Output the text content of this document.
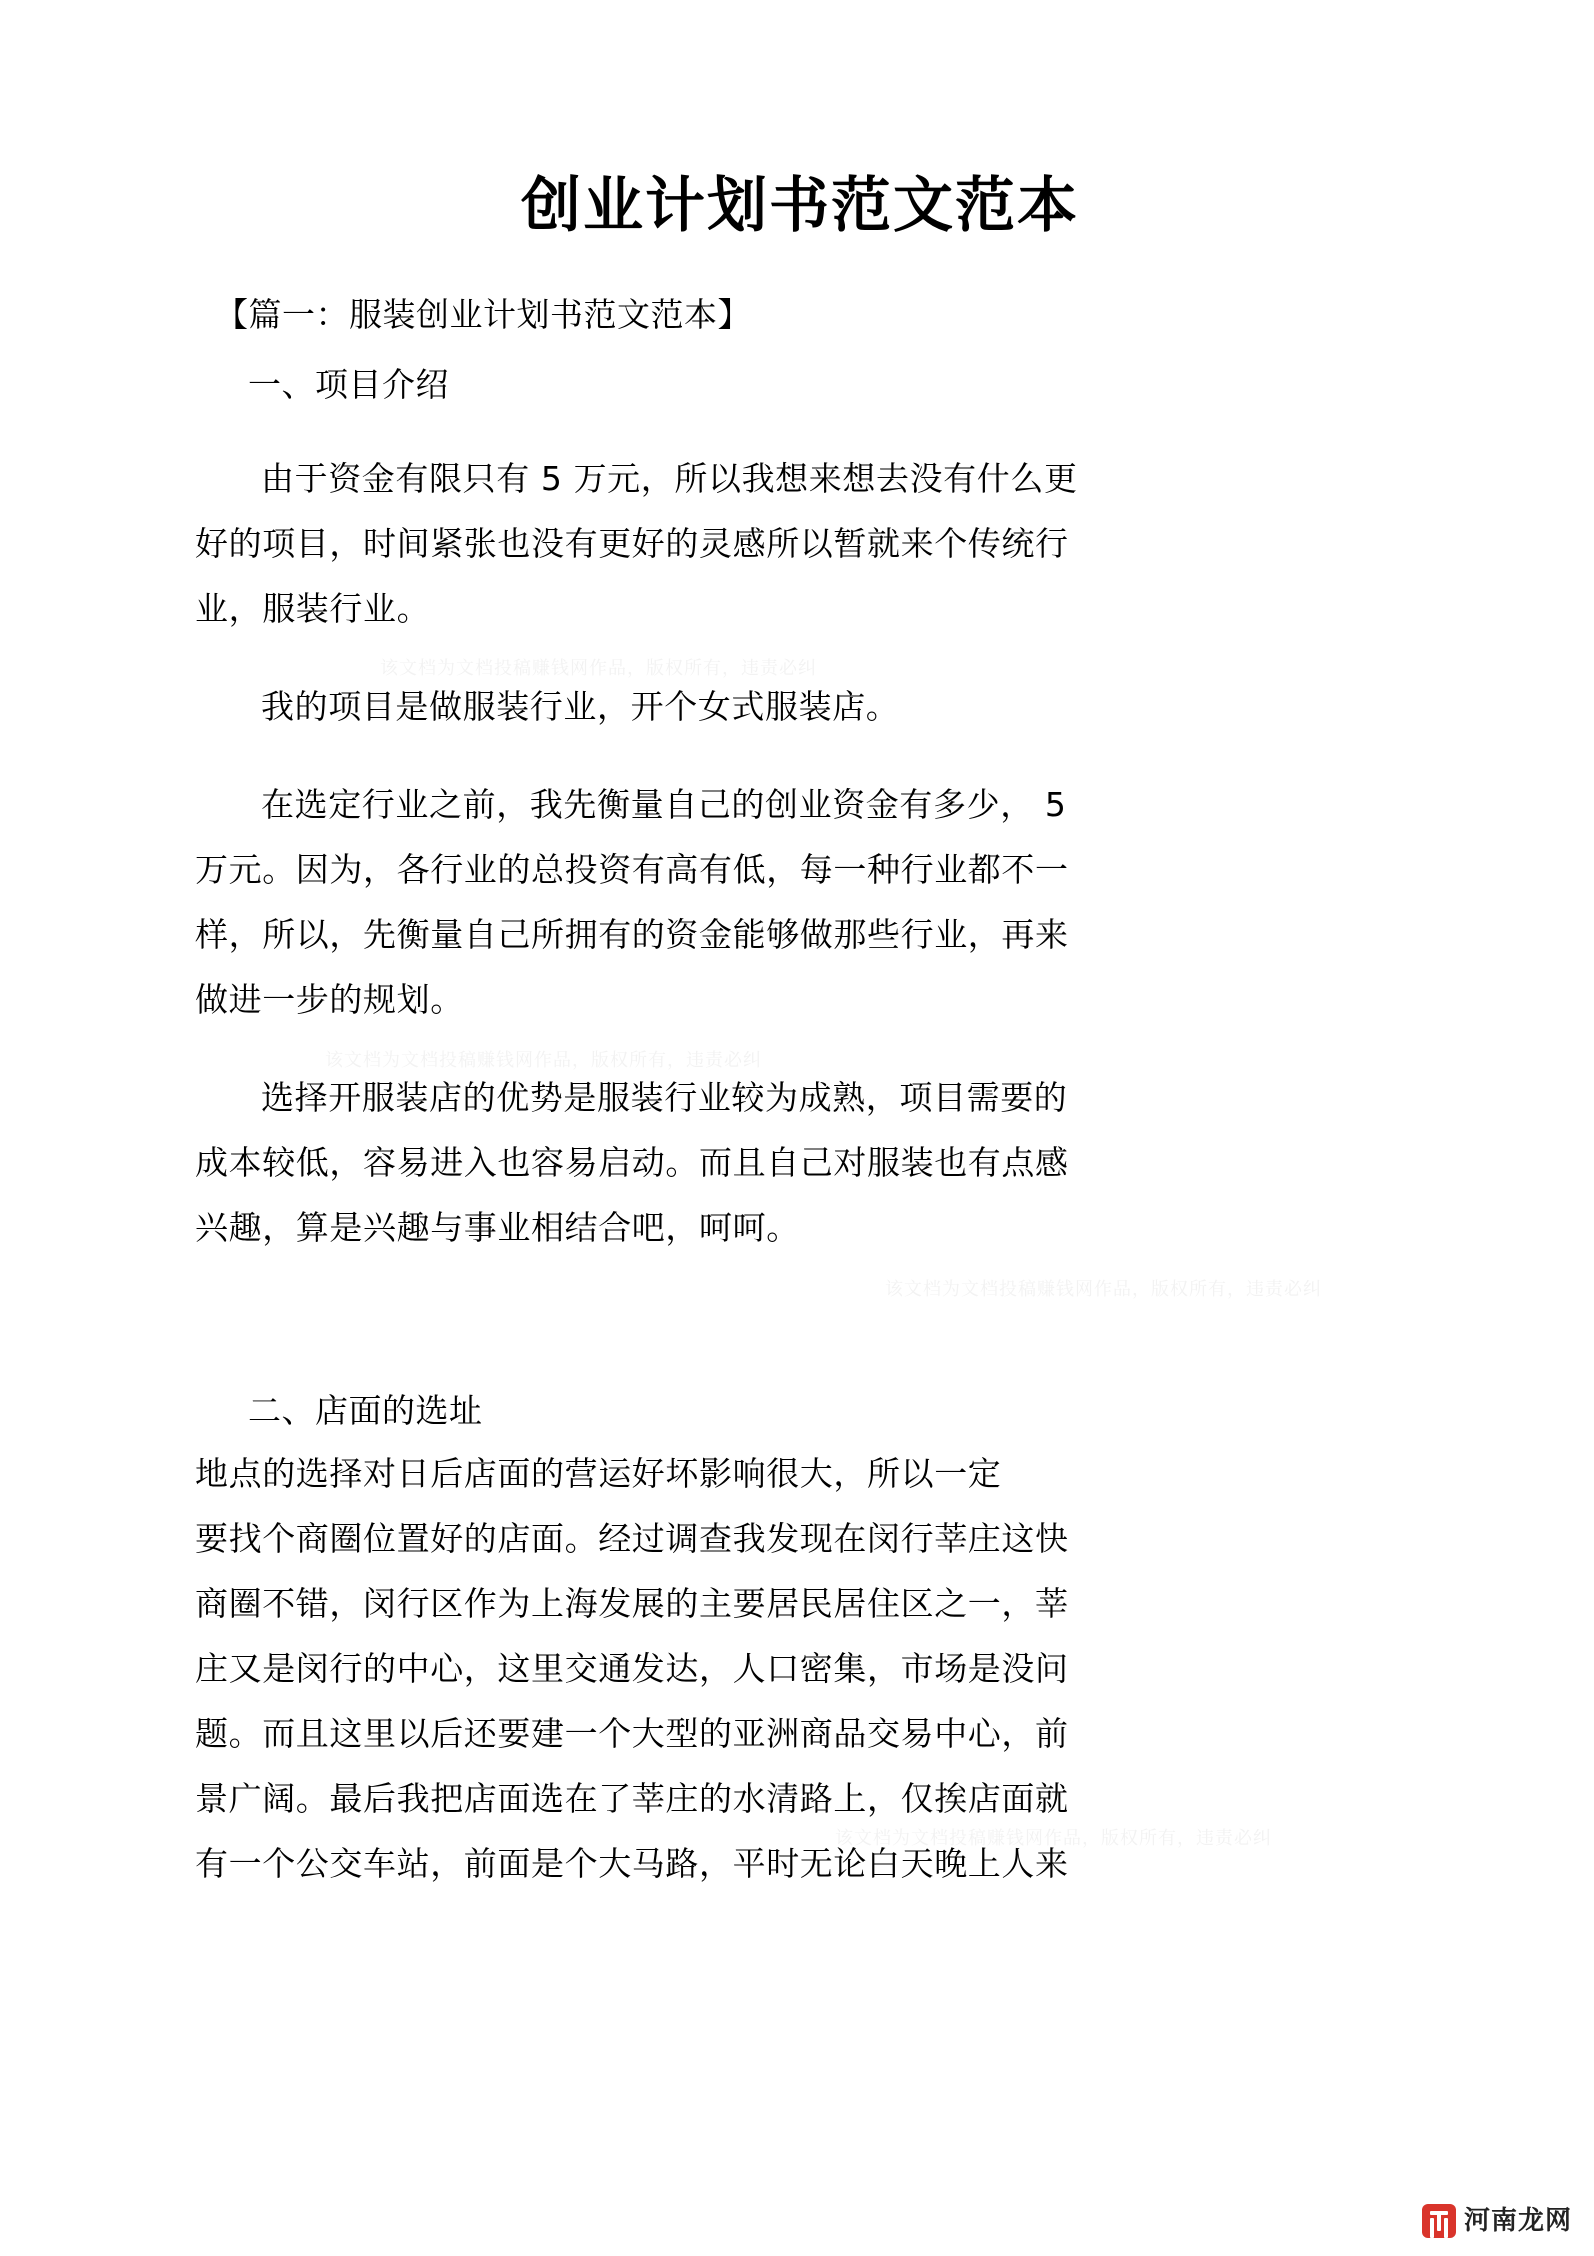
创业计划书范文范本
【篇一：服装创业计划书范文范本】
一、项目介绍
由于资金有限只有 5 万元，所以我想来想去没有什么更
好的项目，时间紧张也没有更好的灵感所以暂就来个传统行
业，服装行业。
我的项目是做服装行业，开个女式服装店。
在选定行业之前，我先衡量自己的创业资金有多少， 5
万元。因为，各行业的总投资有高有低，每一种行业都不一
样，所以，先衡量自己所拥有的资金能够做那些行业，再来
做进一步的规划。
选择开服装店的优势是服装行业较为成熟，项目需要的
成本较低，容易进入也容易启动。而且自己对服装也有点感
兴趣，算是兴趣与事业相结合吧，呵呵。
二、店面的选址
地点的选择对日后店面的营运好坏影响很大，所以一定
要找个商圈位置好的店面。经过调查我发现在闵行莘庄这快
商圈不错，闵行区作为上海发展的主要居民居住区之一，莘
庄又是闵行的中心，这里交通发达，人口密集，市场是没问
题。而且这里以后还要建一个大型的亚洲商品交易中心，前
景广阔。最后我把店面选在了莘庄的水清路上，仅挨店面就
有一个公交车站，前面是个大马路，平时无论白天晚上人来
该文档为文档投稿赚钱网作品，版权所有，违责必纠
该文档为文档投稿赚钱网作品，版权所有，违责必纠
该文档为文档投稿赚钱网作品，版权所有，违责必纠
该文档为文档投稿赚钱网作品，版权所有，违责必纠
河南龙网
